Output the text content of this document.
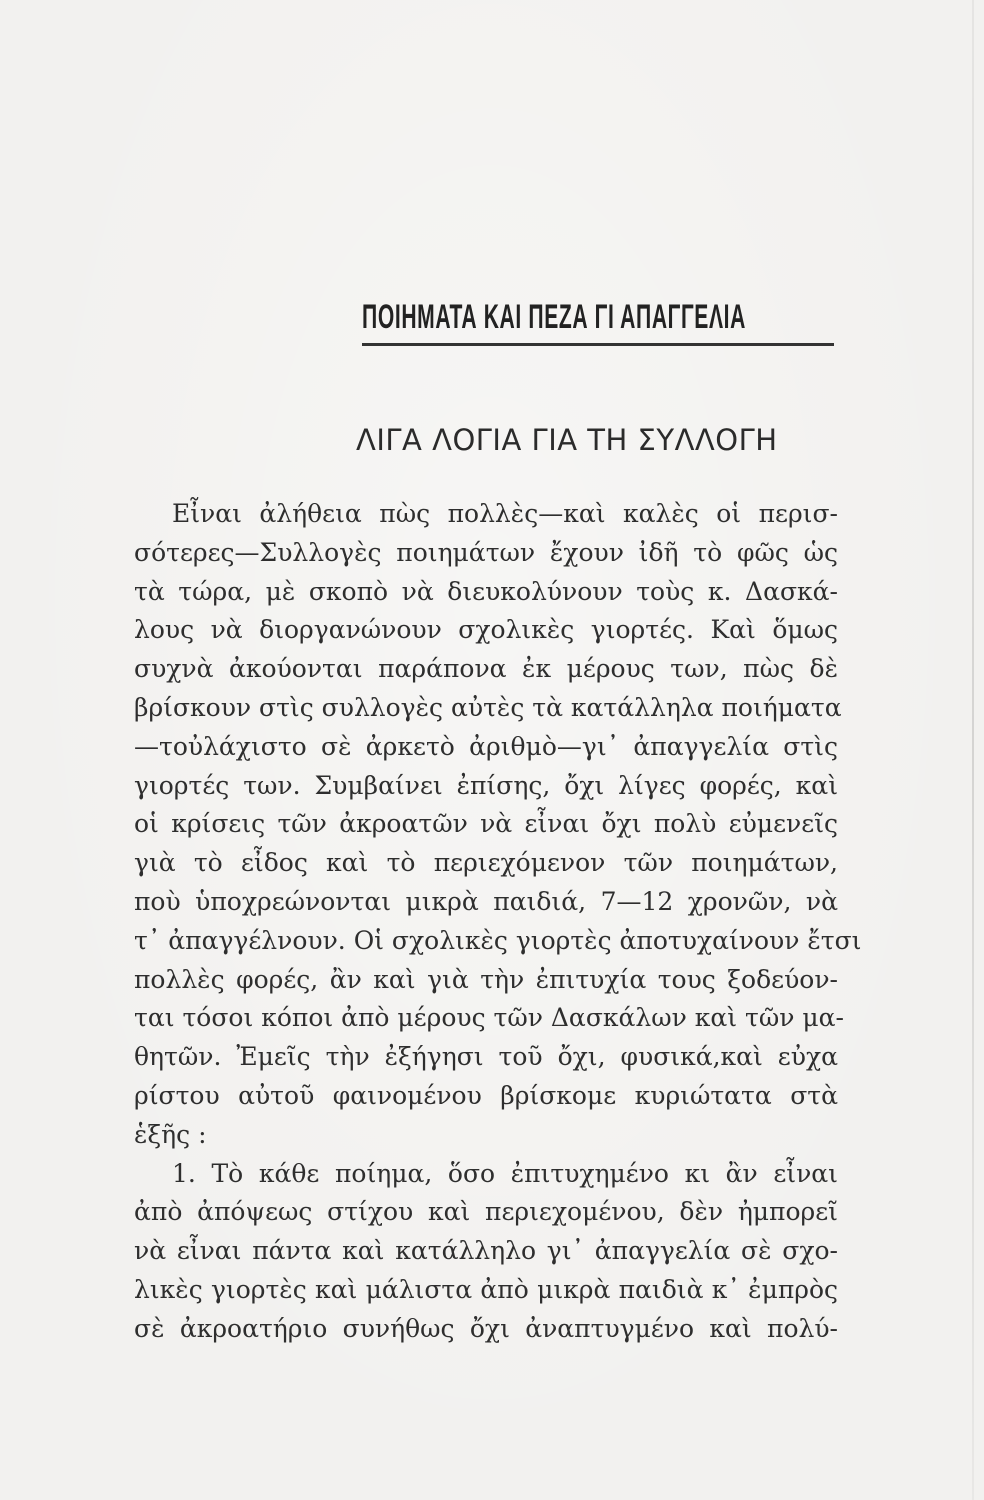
ΠΟΙΗΜΑΤΑ ΚΑΙ ΠΕΖΑ ΓΙ ΑΠΑΓΓΕΛΙΑ
ΛΙΓΑ ΛΟΓΙΑ ΓΙΑ ΤΗ ΣΥΛΛΟΓΗ
Εἶναι ἀλήθεια πὼς πολλὲς—καὶ καλὲς οἱ περισ-
σότερες—Συλλογὲς ποιημάτων ἔχουν ἰδῆ τὸ φῶς ὡς
τὰ τώρα, μὲ σκοπὸ νὰ διευκολύνουν τοὺς κ. Δασκά-
λους νὰ διοργανώνουν σχολικὲς γιορτές. Καὶ ὅμως
συχνὰ ἀκούονται παράπονα ἐκ μέρους των, πὼς δὲ
βρίσκουν στὶς συλλογὲς αὐτὲς τὰ κατάλληλα ποιήματα
—τοὐλάχιστο σὲ ἀρκετὸ ἀριθμὸ—γι᾽ ἀπαγγελία στὶς
γιορτές των. Συμβαίνει ἐπίσης, ὄχι λίγες φορές, καὶ
οἱ κρίσεις τῶν ἀκροατῶν νὰ εἶναι ὄχι πολὺ εὐμενεῖς
γιὰ τὸ εἶδος καὶ τὸ περιεχόμενον τῶν ποιημάτων,
ποὺ ὑποχρεώνονται μικρὰ παιδιά, 7—12 χρονῶν, νὰ
τ᾽ ἀπαγγέλνουν. Οἱ σχολικὲς γιορτὲς ἀποτυχαίνουν ἔτσι
πολλὲς φορές, ἂν καὶ γιὰ τὴν ἐπιτυχία τους ξοδεύον-
ται τόσοι κόποι ἀπὸ μέρους τῶν Δασκάλων καὶ τῶν μα-
θητῶν. Ἐμεῖς τὴν ἐξήγησι τοῦ ὄχι, φυσικά,καὶ εὐχα
ρίστου αὐτοῦ φαινομένου βρίσκομε κυριώτατα στὰ
ἑξῆς :
1. Τὸ κάθε ποίημα, ὅσο ἐπιτυχημένο κι ἂν εἶναι
ἀπὸ ἀπόψεως στίχου καὶ περιεχομένου, δὲν ἠμπορεῖ
νὰ εἶναι πάντα καὶ κατάλληλο γι᾽ ἀπαγγελία σὲ σχο-
λικὲς γιορτὲς καὶ μάλιστα ἀπὸ μικρὰ παιδιὰ κ᾽ ἐμπρὸς
σὲ ἀκροατήριο συνήθως ὄχι ἀναπτυγμένο καὶ πολύ-
